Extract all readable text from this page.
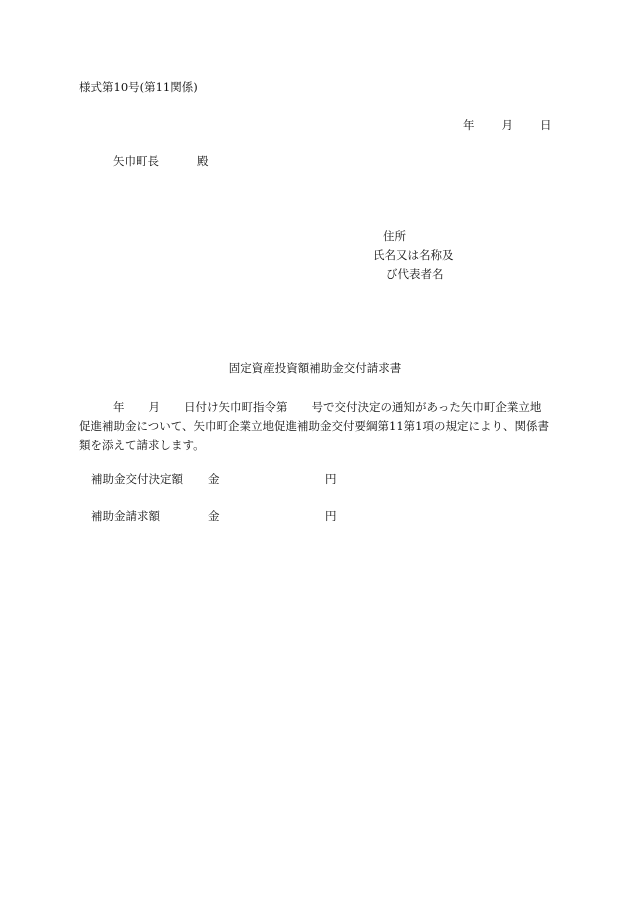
様式第10号(第11関係)
年 月 日
矢巾町長	殿
住所
氏名又は名称及
び代表者名
固定資産投資額補助金交付請求書
年 月 日付け矢巾町指令第 号で交付決定の通知があった矢巾町企業立地
促進補助金について、矢巾町企業立地促進補助金交付要綱第11第1項の規定により、関係書
類を添えて請求します。
補助金交付決定額 金	円
補助金請求額	金	円
